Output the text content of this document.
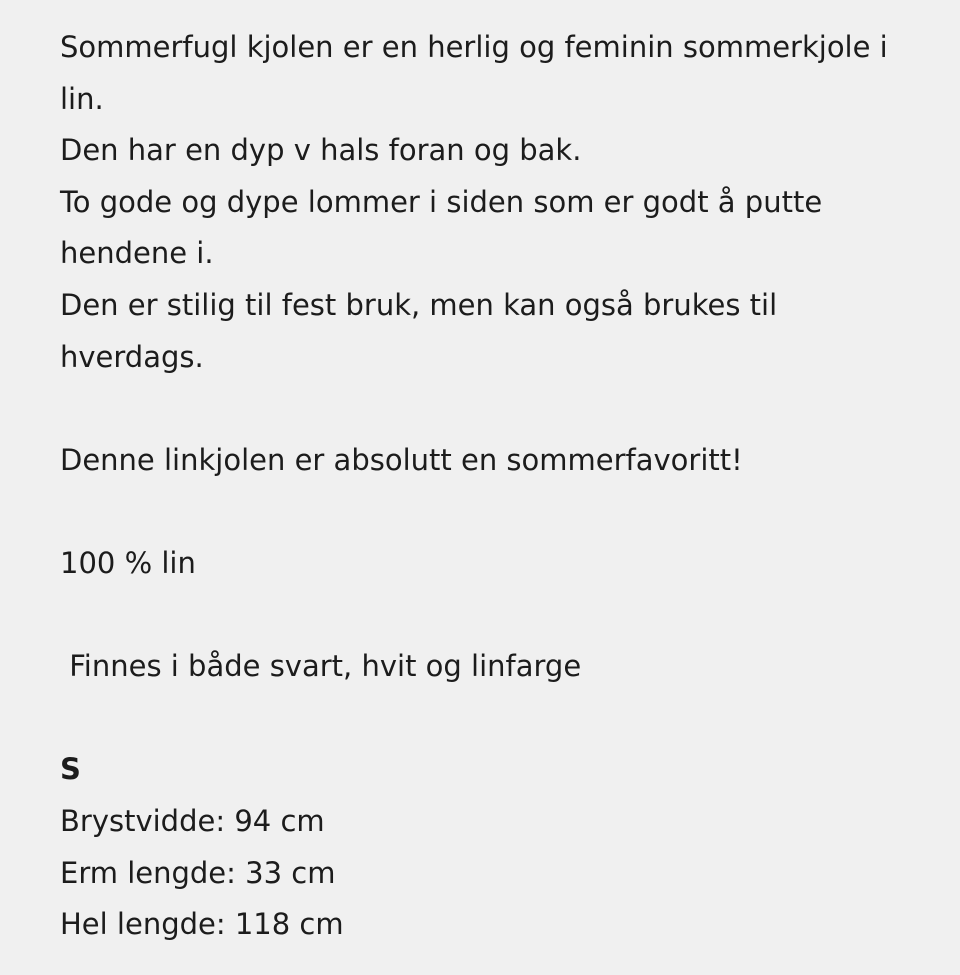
Sommerfugl kjolen er en herlig og feminin sommerkjole i

lin.

Den har en dyp v hals foran og bak.

To gode og dype lommer i siden som er godt å putte

hendene i.

Den er stilig til fest bruk, men kan også brukes til

hverdags.

Denne linkjolen er absolutt en sommerfavoritt!

100 % lin

Finnes i både svart, hvit og linfarge

S

Brystvidde: 94 cm

Erm lengde: 33 cm

Hel lengde: 118 cm
